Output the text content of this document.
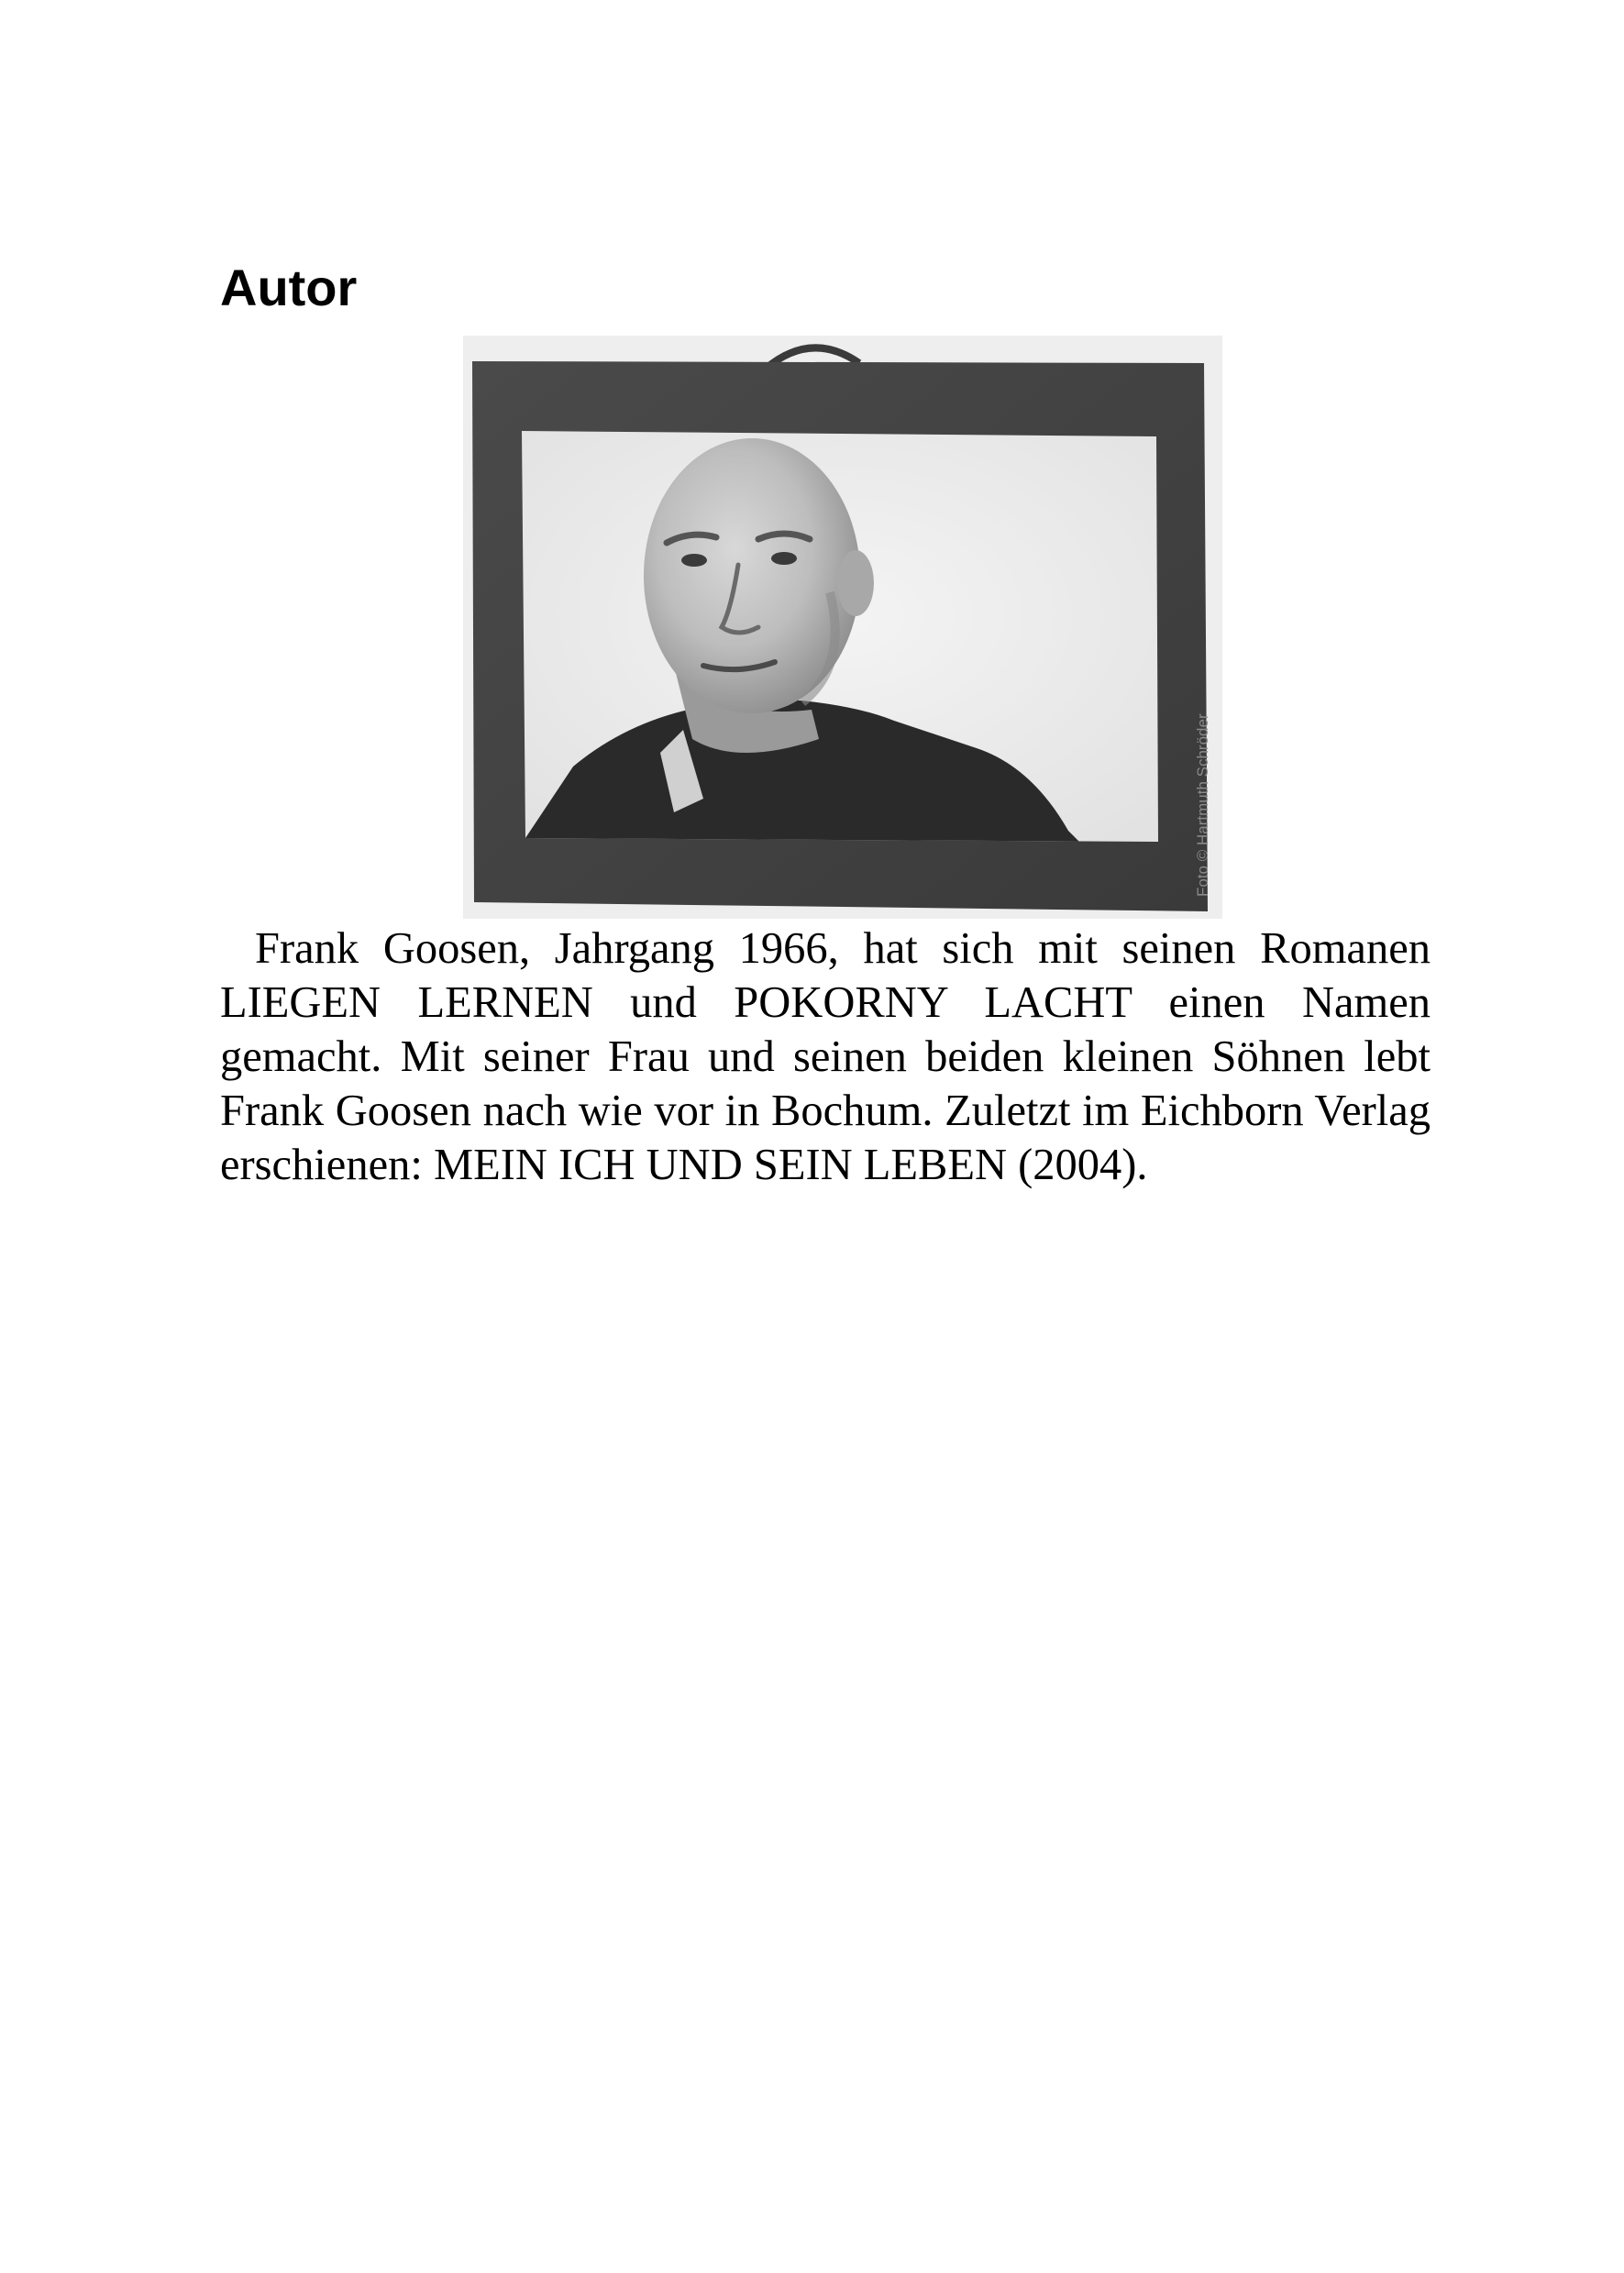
Autor
Foto © Hartmuth Schröder

Frank Goosen, Jahrgang 1966, hat sich mit seinen Romanen LIEGEN LERNEN und POKORNY LACHT einen Namen gemacht. Mit seiner Frau und seinen beiden kleinen Söhnen lebt Frank Goosen nach wie vor in Bochum. Zuletzt im Eichborn Verlag erschienen: MEIN ICH UND SEIN LEBEN (2004).
